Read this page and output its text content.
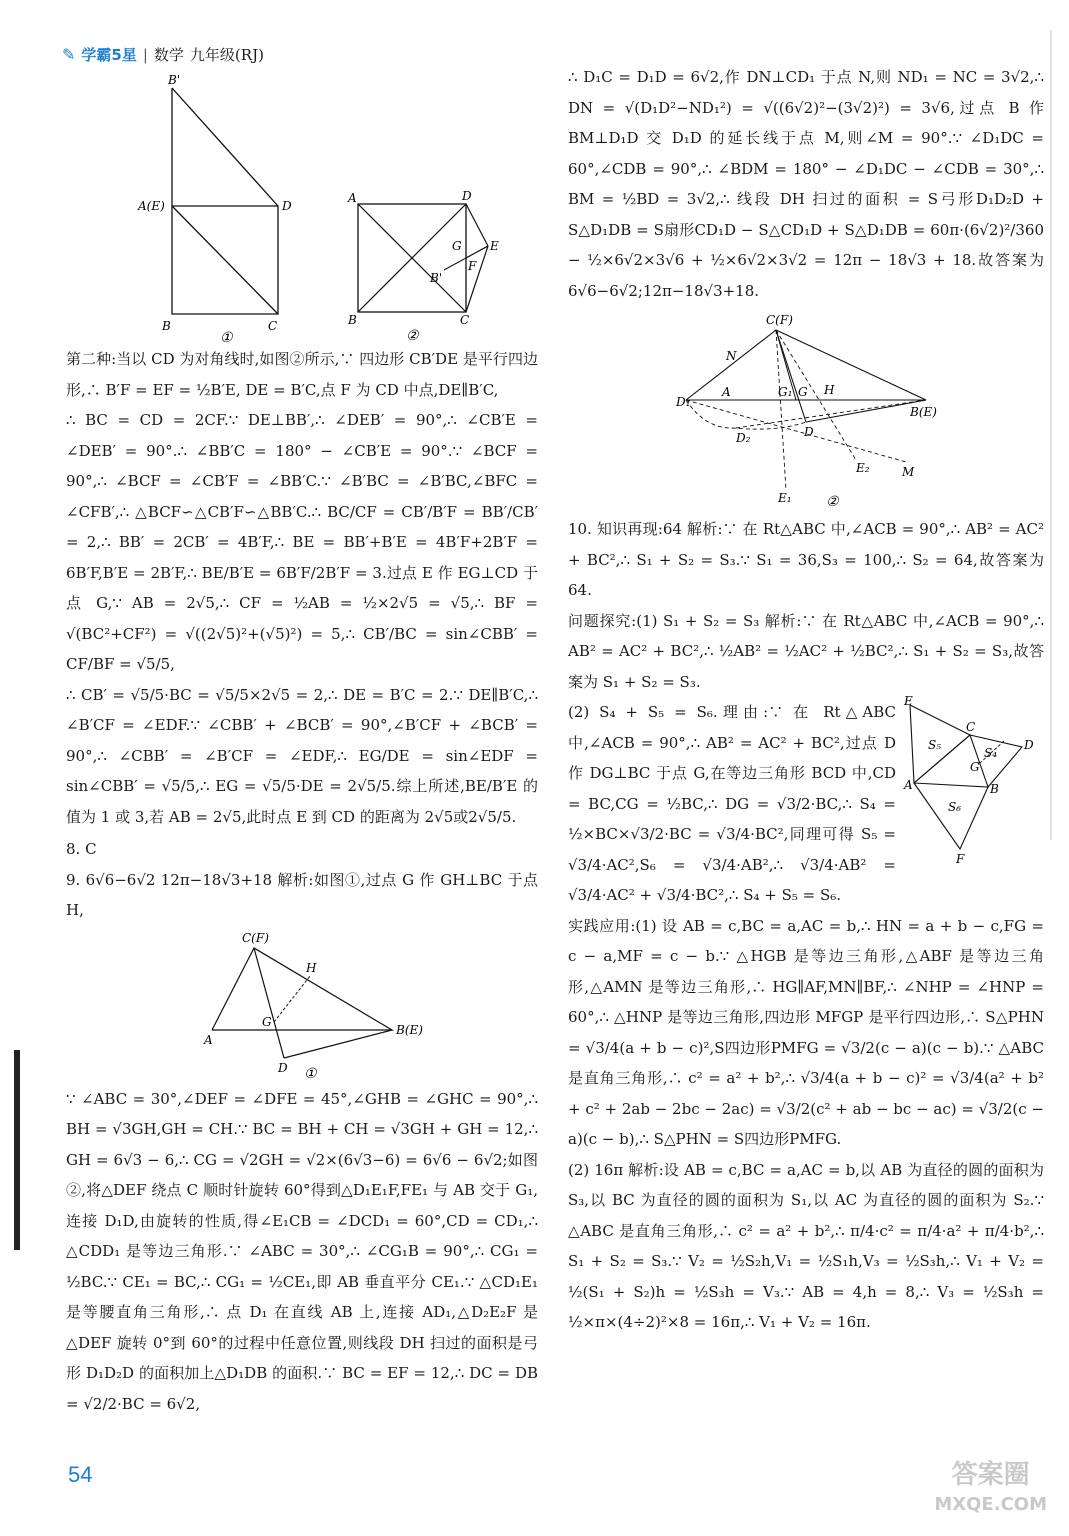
✎ 学霸5星 | 数学 九年级(RJ)
B'
A(E)	D
B	C
①
A	D
B	C
G E
F
B'
②

第二种:当以 CD 为对角线时,如图②所示,∵ 四边形 CB′DE 是平行四边形,∴ B′F = EF = ½B′E, DE = B′C,点 F 为 CD 中点,DE∥B′C,

∴ BC = CD = 2CF.∵ DE⊥BB′,∴ ∠DEB′ = 90°,∴ ∠CB′E = ∠DEB′ = 90°.∴ ∠BB′C = 180° − ∠CB′E = 90°.∵ ∠BCF = 90°,∴ ∠BCF = ∠CB′F = ∠BB′C.∵ ∠B′BC = ∠B′BC,∠BFC = ∠CFB′,∴ △BCF∽△CB′F∽△BB′C.∴ BC/CF = CB′/B′F = BB′/CB′ = 2,∴ BB′ = 2CB′ = 4B′F,∴ BE = BB′+B′E = 4B′F+2B′F = 6B′F,B′E = 2B′F,∴ BE/B′E = 6B′F/2B′F = 3.过点 E 作 EG⊥CD 于点 G,∵ AB = 2√5,∴ CF = ½AB = ½×2√5 = √5,∴ BF = √(BC²+CF²) = √((2√5)²+(√5)²) = 5,∴ CB′/BC = sin∠CBB′ = CF/BF = √5/5,

∴ CB′ = √5/5·BC = √5/5×2√5 = 2,∴ DE = B′C = 2.∵ DE∥B′C,∴ ∠B′CF = ∠EDF.∵ ∠CBB′ + ∠BCB′ = 90°,∠B′CF + ∠BCB′ = 90°,∴ ∠CBB′ = ∠B′CF = ∠EDF,∴ EG/DE = sin∠EDF = sin∠CBB′ = √5/5,∴ EG = √5/5·DE = 2√5/5.综上所述,BE/B′E 的值为 1 或 3,若 AB = 2√5,此时点 E 到 CD 的距离为 2√5或2√5/5.

8. C

9. 6√6−6√2 12π−18√3+18 解析:如图①,过点 G 作 GH⊥BC 于点 H,

C(F)
H
A
G
B(E)
D ①

∵ ∠ABC = 30°,∠DEF = ∠DFE = 45°,∠GHB = ∠GHC = 90°,∴ BH = √3GH,GH = CH.∵ BC = BH + CH = √3GH + GH = 12,∴ GH = 6√3 − 6,∴ CG = √2GH = √2×(6√3−6) = 6√6 − 6√2;如图②,将△DEF 绕点 C 顺时针旋转 60°得到△D₁E₁F,FE₁ 与 AB 交于 G₁,连接 D₁D,由旋转的性质,得∠E₁CB = ∠DCD₁ = 60°,CD = CD₁,∴ △CDD₁ 是等边三角形.∵ ∠ABC = 30°,∴ ∠CG₁B = 90°,∴ CG₁ = ½BC.∵ CE₁ = BC,∴ CG₁ = ½CE₁,即 AB 垂直平分 CE₁.∵ △CD₁E₁ 是等腰直角三角形,∴ 点 D₁ 在直线 AB 上,连接 AD₁,△D₂E₂F 是△DEF 旋转 0°到 60°的过程中任意位置,则线段 DH 扫过的面积是弓形 D₁D₂D 的面积加上△D₁DB 的面积.∵ BC = EF = 12,∴ DC = DB = √2/2·BC = 6√2,

∴ D₁C = D₁D = 6√2,作 DN⊥CD₁ 于点 N,则 ND₁ = NC = 3√2,∴ DN = √(D₁D²−ND₁²) = √((6√2)²−(3√2)²) = 3√6,过点 B 作 BM⊥D₁D 交 D₁D 的延长线于点 M,则∠M = 90°.∵ ∠D₁DC = 60°,∠CDB = 90°,∴ ∠BDM = 180° − ∠D₁DC − ∠CDB = 30°,∴ BM = ½BD = 3√2,∴ 线段 DH 扫过的面积 = S弓形D₁D₂D + S△D₁DB = S扇形CD₁D − S△CD₁D + S△D₁DB = 60π·(6√2)²/360 − ½×6√2×3√6 + ½×6√2×3√2 = 12π − 18√3 + 18.故答案为 6√6−6√2;12π−18√3+18.

C(F)
N
D₁
A	G₁ G H
B(E)
D
D₂
E₂	M
E₁ ②

10. 知识再现:64 解析:∵ 在 Rt△ABC 中,∠ACB = 90°,∴ AB² = AC² + BC²,∴ S₁ + S₂ = S₃.∵ S₁ = 36,S₃ = 100,∴ S₂ = 64,故答案为 64.

问题探究:(1) S₁ + S₂ = S₃ 解析:∵ 在 Rt△ABC 中,∠ACB = 90°,∴ AB² = AC² + BC²,∴ ½AB² = ½AC² + ½BC²,∴ S₁ + S₂ = S₃,故答案为 S₁ + S₂ = S₃.

E
C
D
A
G
B
S₅
S₄
S₆
F

(2) S₄ + S₅ = S₆.理由:∵ 在 Rt△ABC 中,∠ACB = 90°,∴ AB² = AC² + BC²,过点 D 作 DG⊥BC 于点 G,在等边三角形 BCD 中,CD = BC,CG = ½BC,∴ DG = √3/2·BC,∴ S₄ = ½×BC×√3/2·BC = √3/4·BC²,同理可得 S₅ = √3/4·AC²,S₆ = √3/4·AB²,∴ √3/4·AB² = √3/4·AC² + √3/4·BC²,∴ S₄ + S₅ = S₆.

实践应用:(1) 设 AB = c,BC = a,AC = b,∴ HN = a + b − c,FG = c − a,MF = c − b.∵ △HGB 是等边三角形,△ABF 是等边三角形,△AMN 是等边三角形,∴ HG∥AF,MN∥BF,∴ ∠NHP = ∠HNP = 60°,∴ △HNP 是等边三角形,四边形 MFGP 是平行四边形,∴ S△PHN = √3/4(a + b − c)²,S四边形PMFG = √3/2(c − a)(c − b).∵ △ABC 是直角三角形,∴ c² = a² + b²,∴ √3/4(a + b − c)² = √3/4(a² + b² + c² + 2ab − 2bc − 2ac) = √3/2(c² + ab − bc − ac) = √3/2(c − a)(c − b),∴ S△PHN = S四边形PMFG.

(2) 16π 解析:设 AB = c,BC = a,AC = b,以 AB 为直径的圆的面积为 S₃,以 BC 为直径的圆的面积为 S₁,以 AC 为直径的圆的面积为 S₂.∵ △ABC 是直角三角形,∴ c² = a² + b²,∴ π/4·c² = π/4·a² + π/4·b²,∴ S₁ + S₂ = S₃.∵ V₂ = ½S₂h,V₁ = ½S₁h,V₃ = ½S₃h,∴ V₁ + V₂ = ½(S₁ + S₂)h = ½S₃h = V₃.∵ AB = 4,h = 8,∴ V₃ = ½S₃h = ½×π×(4÷2)²×8 = 16π,∴ V₁ + V₂ = 16π.

54	答案圈
MXQE.COM
